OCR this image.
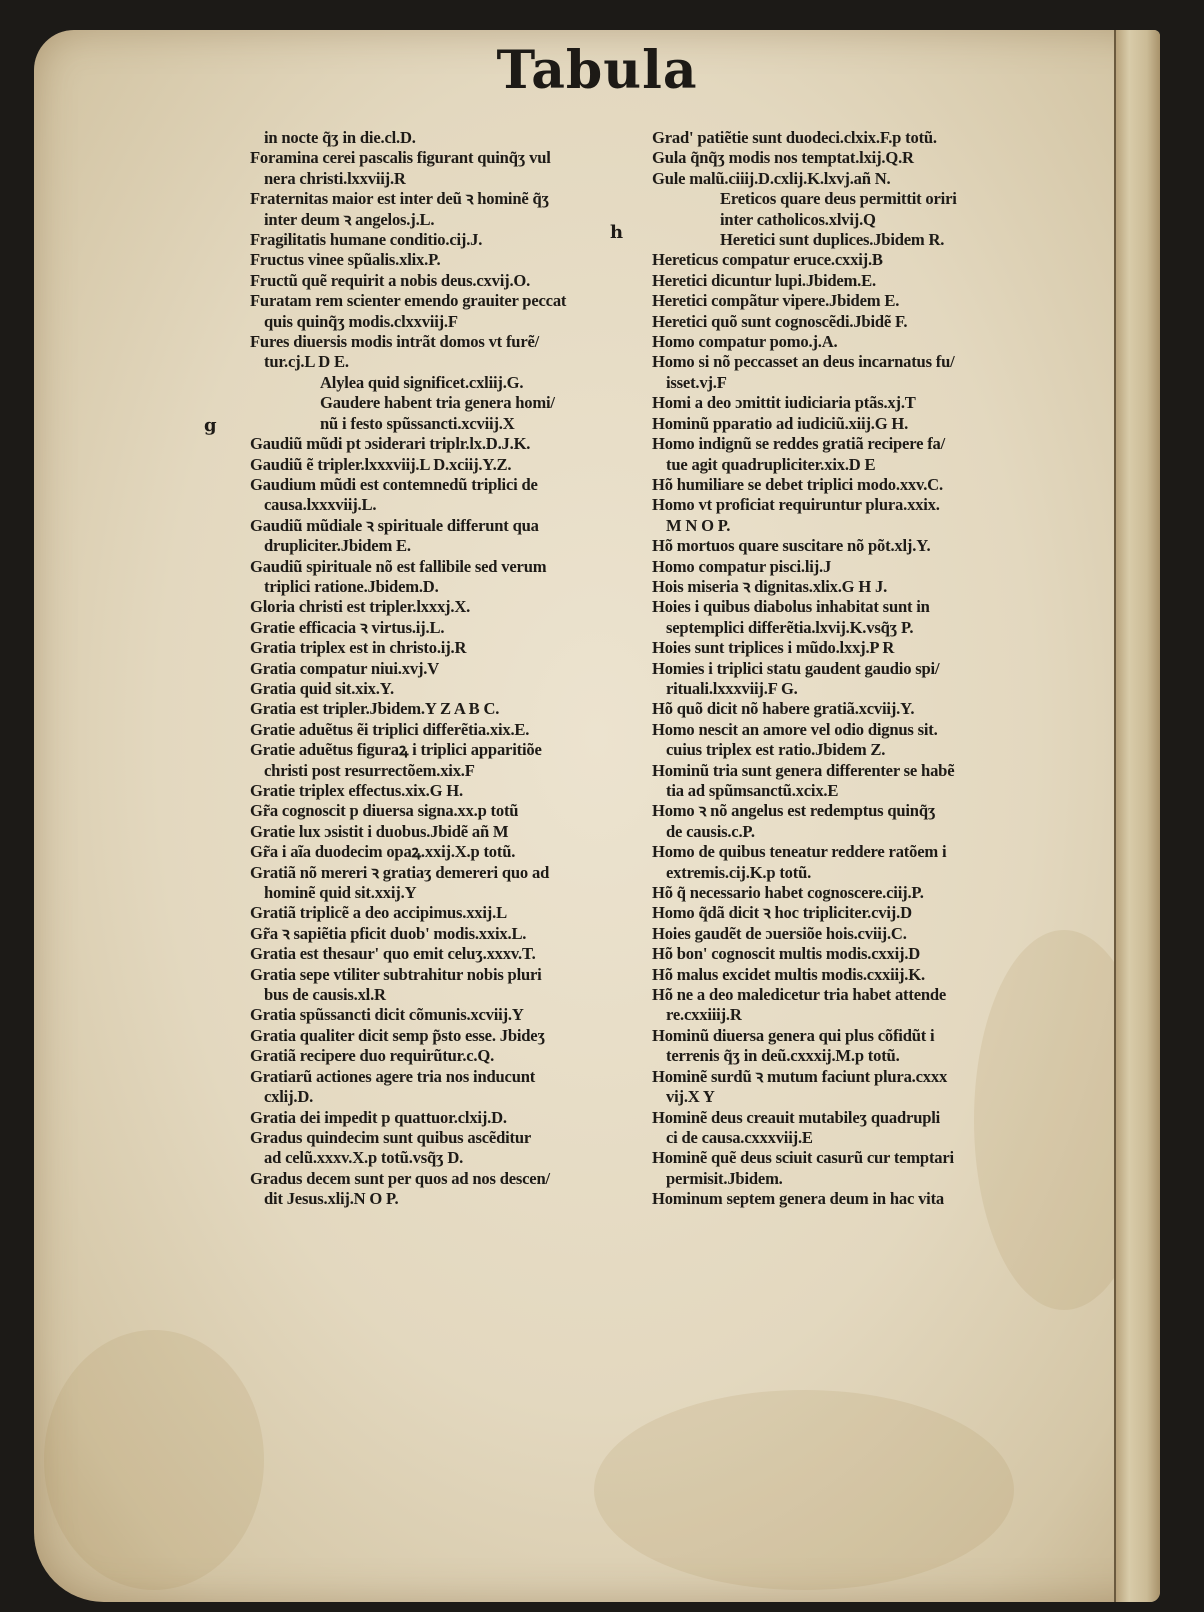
Tabula
g
h

in nocte q̃ʒ in die.cl.D.

Foramina cerei pascalis figurant quinq̃ʒ vul

nera christi.lxxviij.R

Fraternitas maior est inter deũ ꝛ hominẽ q̃ʒ

inter deum ꝛ angelos.j.L.

Fragilitatis humane conditio.cij.J.

Fructus vinee spũalis.xlix.P.

Fructũ quẽ requirit a nobis deus.cxvij.O.

Furatam rem scienter emendo grauiter peccat

quis quinq̃ʒ modis.clxxviij.F

Fures diuersis modis intrãt domos vt furẽ/

tur.cj.L D E.

Alylea quid significet.cxliij.G.

Gaudere habent tria genera homi/

nũ i festo spũssancti.xcviij.X

Gaudiũ mũdi pt ɔsiderari triplr.lx.D.J.K.

Gaudiũ ẽ tripler.lxxxviij.L D.xciij.Y.Z.

Gaudium mũdi est contemnedũ triplici de

causa.lxxxviij.L.

Gaudiũ mũdiale ꝛ spirituale differunt qua

drupliciter.Jbidem E.

Gaudiũ spirituale nõ est fallibile sed verum

triplici ratione.Jbidem.D.

Gloria christi est tripler.lxxxj.X.

Gratie efficacia ꝛ virtus.ij.L.

Gratia triplex est in christo.ij.R

Gratia compatur niui.xvj.V

Gratia quid sit.xix.Y.

Gratia est tripler.Jbidem.Y Z A B C.

Gratie aduẽtus ẽi triplici differẽtia.xix.E.

Gratie aduẽtus figuraꝝ i triplici apparitiõe

christi post resurrectõem.xix.F

Gratie triplex effectus.xix.G H.

Gr̃a cognoscit p diuersa signa.xx.p totũ

Gratie lux ɔsistit i duobus.Jbidẽ añ M

Gr̃a i aĩa duodecim opaꝝ.xxij.X.p totũ.

Gratiã nõ mereri ꝛ gratiaʒ demereri quo ad

hominẽ quid sit.xxij.Y

Gratiã triplicẽ a deo accipimus.xxij.L

Gr̃a ꝛ sapiẽtia pficit duob' modis.xxix.L.

Gratia est thesaur' quo emit celuʒ.xxxv.T.

Gratia sepe vtiliter subtrahitur nobis pluri

bus de causis.xl.R

Gratia spũssancti dicit cõmunis.xcviij.Y

Gratia qualiter dicit semp p̃sto esse. Jbideʒ

Gratiã recipere duo requirũtur.c.Q.

Gratiarũ actiones agere tria nos inducunt

cxlij.D.

Gratia dei impedit p quattuor.clxij.D.

Gradus quindecim sunt quibus ascẽditur

ad celũ.xxxv.X.p totũ.vsq̃ʒ D.

Gradus decem sunt per quos ad nos descen/

dit Jesus.xlij.N O P.

Grad' patiẽtie sunt duodeci.clxix.F.p totũ.

Gula q̃nq̃ʒ modis nos temptat.lxij.Q.R

Gule malũ.ciiij.D.cxlij.K.lxvj.añ N.

Ereticos quare deus permittit oriri

inter catholicos.xlvij.Q

Heretici sunt duplices.Jbidem R.

Hereticus compatur eruce.cxxij.B

Heretici dicuntur lupi.Jbidem.E.

Heretici compãtur vipere.Jbidem E.

Heretici quõ sunt cognoscẽdi.Jbidẽ F.

Homo compatur pomo.j.A.

Homo si nõ peccasset an deus incarnatus fu/

isset.vj.F

Homi a deo ɔmittit iudiciaria ptãs.xj.T

Hominũ pparatio ad iudiciũ.xiij.G H.

Homo indignũ se reddes gratiã recipere fa/

tue agit quadrupliciter.xix.D E

Hõ humiliare se debet triplici modo.xxv.C.

Homo vt proficiat requiruntur plura.xxix.

M N O P.

Hõ mortuos quare suscitare nõ põt.xlj.Y.

Homo compatur pisci.lij.J

Hois miseria ꝛ dignitas.xlix.G H J.

Hoies i quibus diabolus inhabitat sunt in

septemplici differẽtia.lxvij.K.vsq̃ʒ P.

Hoies sunt triplices i mũdo.lxxj.P R

Homies i triplici statu gaudent gaudio spi/

rituali.lxxxviij.F G.

Hõ quõ dicit nõ habere gratiã.xcviij.Y.

Homo nescit an amore vel odio dignus sit.

cuius triplex est ratio.Jbidem Z.

Hominũ tria sunt genera differenter se habẽ

tia ad spũmsanctũ.xcix.E

Homo ꝛ nõ angelus est redemptus quinq̃ʒ

de causis.c.P.

Homo de quibus teneatur reddere ratõem i

extremis.cij.K.p totũ.

Hõ q̃ necessario habet cognoscere.ciij.P.

Homo q̃dã dicit ꝛ hoc tripliciter.cvij.D

Hoies gaudẽt de ɔuersiõe hois.cviij.C.

Hõ bon' cognoscit multis modis.cxxij.D

Hõ malus excidet multis modis.cxxiij.K.

Hõ ne a deo maledicetur tria habet attende

re.cxxiiij.R

Hominũ diuersa genera qui plus cõfidũt i

terrenis q̃ʒ in deũ.cxxxij.M.p totũ.

Hominẽ surdũ ꝛ mutum faciunt plura.cxxx

vij.X Y

Hominẽ deus creauit mutabileʒ quadrupli

ci de causa.cxxxviij.E

Hominẽ quẽ deus sciuit casurũ cur temptari

permisit.Jbidem.

Hominum septem genera deum in hac vita
